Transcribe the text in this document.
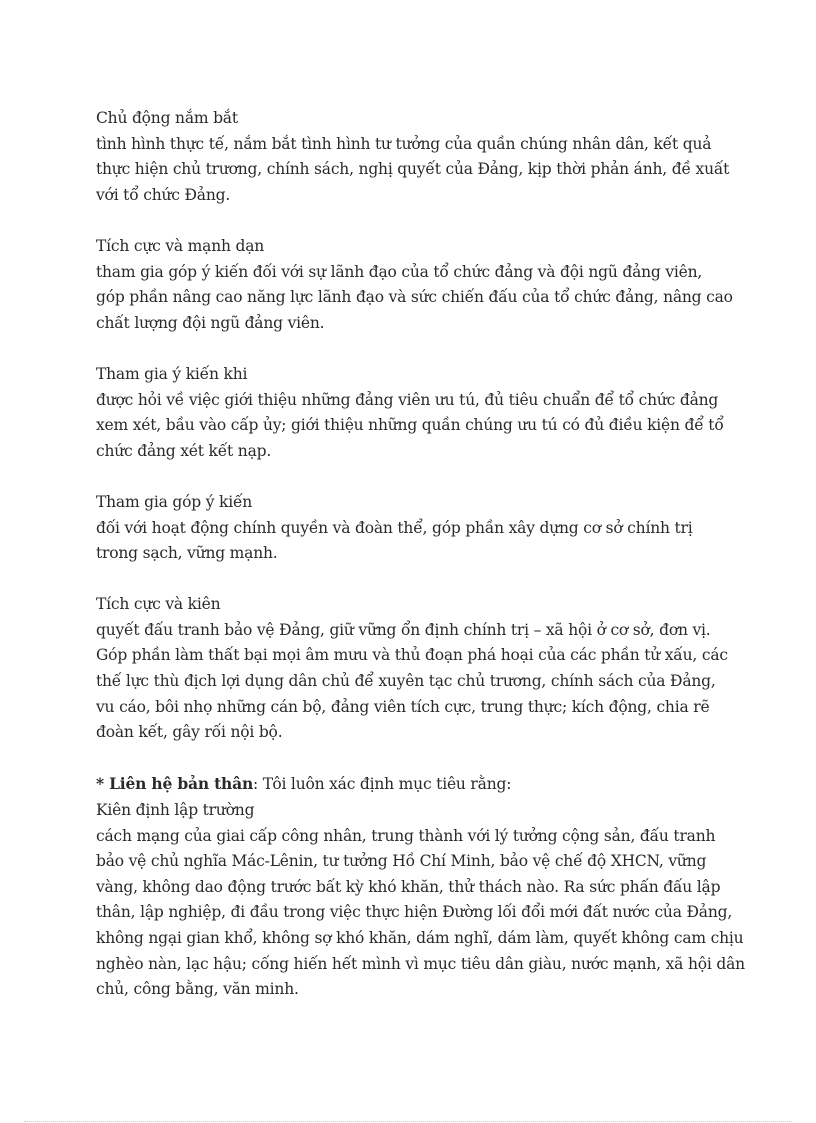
Chủ động nắm bắt
tình hình thực tế, nắm bắt tình hình tư tưởng của quần chúng nhân dân, kết quả
thực hiện chủ trương, chính sách, nghị quyết của Đảng, kịp thời phản ánh, đề xuất
với tổ chức Đảng.
Tích cực và mạnh dạn
tham gia góp ý kiến đối với sự lãnh đạo của tổ chức đảng và đội ngũ đảng viên,
góp phần nâng cao năng lực lãnh đạo và sức chiến đấu của tổ chức đảng, nâng cao
chất lượng đội ngũ đảng viên.
Tham gia ý kiến khi
được hỏi về việc giới thiệu những đảng viên ưu tú, đủ tiêu chuẩn để tổ chức đảng
xem xét, bầu vào cấp ủy; giới thiệu những quần chúng ưu tú có đủ điều kiện để tổ
chức đảng xét kết nạp.
Tham gia góp ý kiến
đối với hoạt động chính quyền và đoàn thể, góp phần xây dựng cơ sở chính trị
trong sạch, vững mạnh.
Tích cực và kiên
quyết đấu tranh bảo vệ Đảng, giữ vững ổn định chính trị – xã hội ở cơ sở, đơn vị.
Góp phần làm thất bại mọi âm mưu và thủ đoạn phá hoại của các phần tử xấu, các
thế lực thù địch lợi dụng dân chủ để xuyên tạc chủ trương, chính sách của Đảng,
vu cáo, bôi nhọ những cán bộ, đảng viên tích cực, trung thực; kích động, chia rẽ
đoàn kết, gây rối nội bộ.
* Liên hệ bản thân: Tôi luôn xác định mục tiêu rằng:
Kiên định lập trường
cách mạng của giai cấp công nhân, trung thành với lý tưởng cộng sản, đấu tranh
bảo vệ chủ nghĩa Mác-Lênin, tư tưởng Hồ Chí Minh, bảo vệ chế độ XHCN, vững
vàng, không dao động trước bất kỳ khó khăn, thử thách nào. Ra sức phấn đấu lập
thân, lập nghiệp, đi đầu trong việc thực hiện Đường lối đổi mới đất nước của Đảng,
không ngại gian khổ, không sợ khó khăn, dám nghĩ, dám làm, quyết không cam chịu
nghèo nàn, lạc hậu; cống hiến hết mình vì mục tiêu dân giàu, nước mạnh, xã hội dân
chủ, công bằng, văn minh.
